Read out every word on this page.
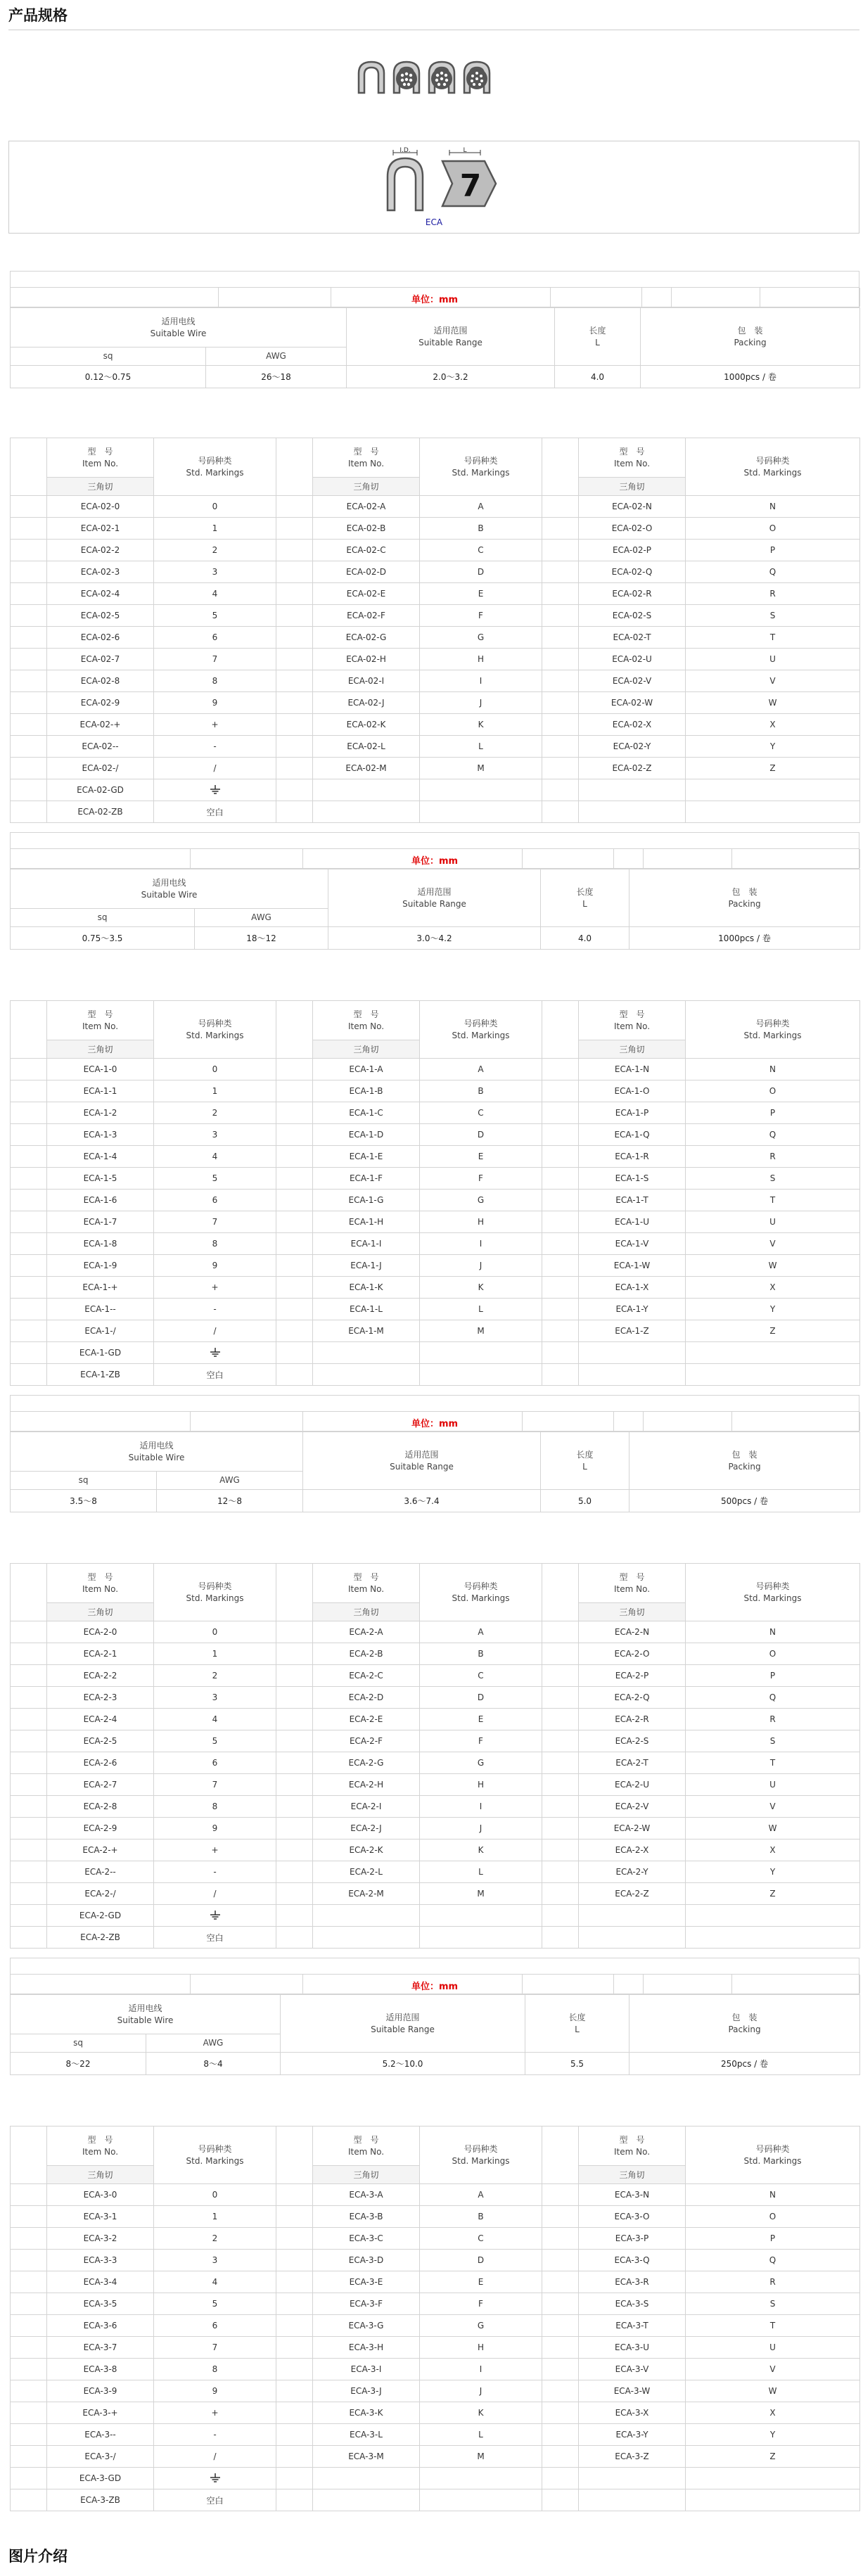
产品规格
I.D.	L
7
ECA
单位：mm
适用电线
Suitable Wire		适用范围
Suitable Range	长度
L	包　装
Packing
sq	AWG			
0.12～0.75	26～18	2.0～3.2	4.0	1000pcs / 卷
	型　号
Item No.	号码种类
Std. Markings		型　号
Item No.	号码种类
Std. Markings		型　号
Item No.	号码种类
Std. Markings
	三角切			三角切			三角切	
	ECA-02-0	0		ECA-02-A	A		ECA-02-N	N
	ECA-02-1	1		ECA-02-B	B		ECA-02-O	O
	ECA-02-2	2		ECA-02-C	C		ECA-02-P	P
	ECA-02-3	3		ECA-02-D	D		ECA-02-Q	Q
	ECA-02-4	4		ECA-02-E	E		ECA-02-R	R
	ECA-02-5	5		ECA-02-F	F		ECA-02-S	S
	ECA-02-6	6		ECA-02-G	G		ECA-02-T	T
	ECA-02-7	7		ECA-02-H	H		ECA-02-U	U
	ECA-02-8	8		ECA-02-I	I		ECA-02-V	V
	ECA-02-9	9		ECA-02-J	J		ECA-02-W	W
	ECA-02-+	+		ECA-02-K	K		ECA-02-X	X
	ECA-02--	-		ECA-02-L	L		ECA-02-Y	Y
	ECA-02-/	/		ECA-02-M	M		ECA-02-Z	Z
	ECA-02-GD							
	ECA-02-ZB	空白						
单位：mm
适用电线
Suitable Wire		适用范围
Suitable Range	长度
L	包　装
Packing
sq	AWG			
0.75～3.5	18～12	3.0～4.2	4.0	1000pcs / 卷
	型　号
Item No.	号码种类
Std. Markings		型　号
Item No.	号码种类
Std. Markings		型　号
Item No.	号码种类
Std. Markings
	三角切			三角切			三角切	
	ECA-1-0	0		ECA-1-A	A		ECA-1-N	N
	ECA-1-1	1		ECA-1-B	B		ECA-1-O	O
	ECA-1-2	2		ECA-1-C	C		ECA-1-P	P
	ECA-1-3	3		ECA-1-D	D		ECA-1-Q	Q
	ECA-1-4	4		ECA-1-E	E		ECA-1-R	R
	ECA-1-5	5		ECA-1-F	F		ECA-1-S	S
	ECA-1-6	6		ECA-1-G	G		ECA-1-T	T
	ECA-1-7	7		ECA-1-H	H		ECA-1-U	U
	ECA-1-8	8		ECA-1-I	I		ECA-1-V	V
	ECA-1-9	9		ECA-1-J	J		ECA-1-W	W
	ECA-1-+	+		ECA-1-K	K		ECA-1-X	X
	ECA-1--	-		ECA-1-L	L		ECA-1-Y	Y
	ECA-1-/	/		ECA-1-M	M		ECA-1-Z	Z
	ECA-1-GD							
	ECA-1-ZB	空白						
单位：mm
适用电线
Suitable Wire		适用范围
Suitable Range	长度
L	包　装
Packing
sq	AWG			
3.5～8	12～8	3.6～7.4	5.0	500pcs / 卷
	型　号
Item No.	号码种类
Std. Markings		型　号
Item No.	号码种类
Std. Markings		型　号
Item No.	号码种类
Std. Markings
	三角切			三角切			三角切	
	ECA-2-0	0		ECA-2-A	A		ECA-2-N	N
	ECA-2-1	1		ECA-2-B	B		ECA-2-O	O
	ECA-2-2	2		ECA-2-C	C		ECA-2-P	P
	ECA-2-3	3		ECA-2-D	D		ECA-2-Q	Q
	ECA-2-4	4		ECA-2-E	E		ECA-2-R	R
	ECA-2-5	5		ECA-2-F	F		ECA-2-S	S
	ECA-2-6	6		ECA-2-G	G		ECA-2-T	T
	ECA-2-7	7		ECA-2-H	H		ECA-2-U	U
	ECA-2-8	8		ECA-2-I	I		ECA-2-V	V
	ECA-2-9	9		ECA-2-J	J		ECA-2-W	W
	ECA-2-+	+		ECA-2-K	K		ECA-2-X	X
	ECA-2--	-		ECA-2-L	L		ECA-2-Y	Y
	ECA-2-/	/		ECA-2-M	M		ECA-2-Z	Z
	ECA-2-GD							
	ECA-2-ZB	空白						
单位：mm
适用电线
Suitable Wire		适用范围
Suitable Range	长度
L	包　装
Packing
sq	AWG			
8～22	8～4	5.2～10.0	5.5	250pcs / 卷
	型　号
Item No.	号码种类
Std. Markings		型　号
Item No.	号码种类
Std. Markings		型　号
Item No.	号码种类
Std. Markings
	三角切			三角切			三角切	
	ECA-3-0	0		ECA-3-A	A		ECA-3-N	N
	ECA-3-1	1		ECA-3-B	B		ECA-3-O	O
	ECA-3-2	2		ECA-3-C	C		ECA-3-P	P
	ECA-3-3	3		ECA-3-D	D		ECA-3-Q	Q
	ECA-3-4	4		ECA-3-E	E		ECA-3-R	R
	ECA-3-5	5		ECA-3-F	F		ECA-3-S	S
	ECA-3-6	6		ECA-3-G	G		ECA-3-T	T
	ECA-3-7	7		ECA-3-H	H		ECA-3-U	U
	ECA-3-8	8		ECA-3-I	I		ECA-3-V	V
	ECA-3-9	9		ECA-3-J	J		ECA-3-W	W
	ECA-3-+	+		ECA-3-K	K		ECA-3-X	X
	ECA-3--	-		ECA-3-L	L		ECA-3-Y	Y
	ECA-3-/	/		ECA-3-M	M		ECA-3-Z	Z
	ECA-3-GD							
	ECA-3-ZB	空白						
图片介绍
